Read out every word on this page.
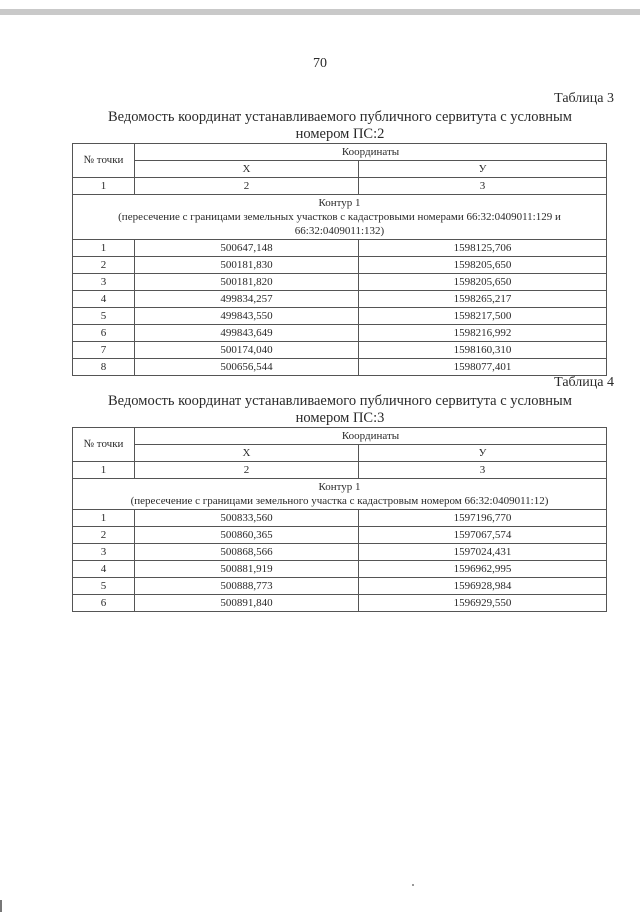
70
Таблица 3
Ведомость координат устанавливаемого публичного сервитута с условным
номером ПС:2
№ точки	Координаты	
	X	У
1	2	3

Контур 1
(пересечение с границами земельных участков с кадастровыми номерами 66:32:0409011:129 и 66:32:0409011:132)		

1	500647,148	1598125,706
2	500181,830	1598205,650
3	500181,820	1598205,650
4	499834,257	1598265,217
5	499843,550	1598217,500
6	499843,649	1598216,992
7	500174,040	1598160,310
8	500656,544	1598077,401
Таблица 4
Ведомость координат устанавливаемого публичного сервитута с условным
номером ПС:3
№ точки	Координаты	
	X	У
1	2	3

Контур 1
(пересечение с границами земельного участка с кадастровым номером 66:32:0409011:12)		

1	500833,560	1597196,770
2	500860,365	1597067,574
3	500868,566	1597024,431
4	500881,919	1596962,995
5	500888,773	1596928,984
6	500891,840	1596929,550
